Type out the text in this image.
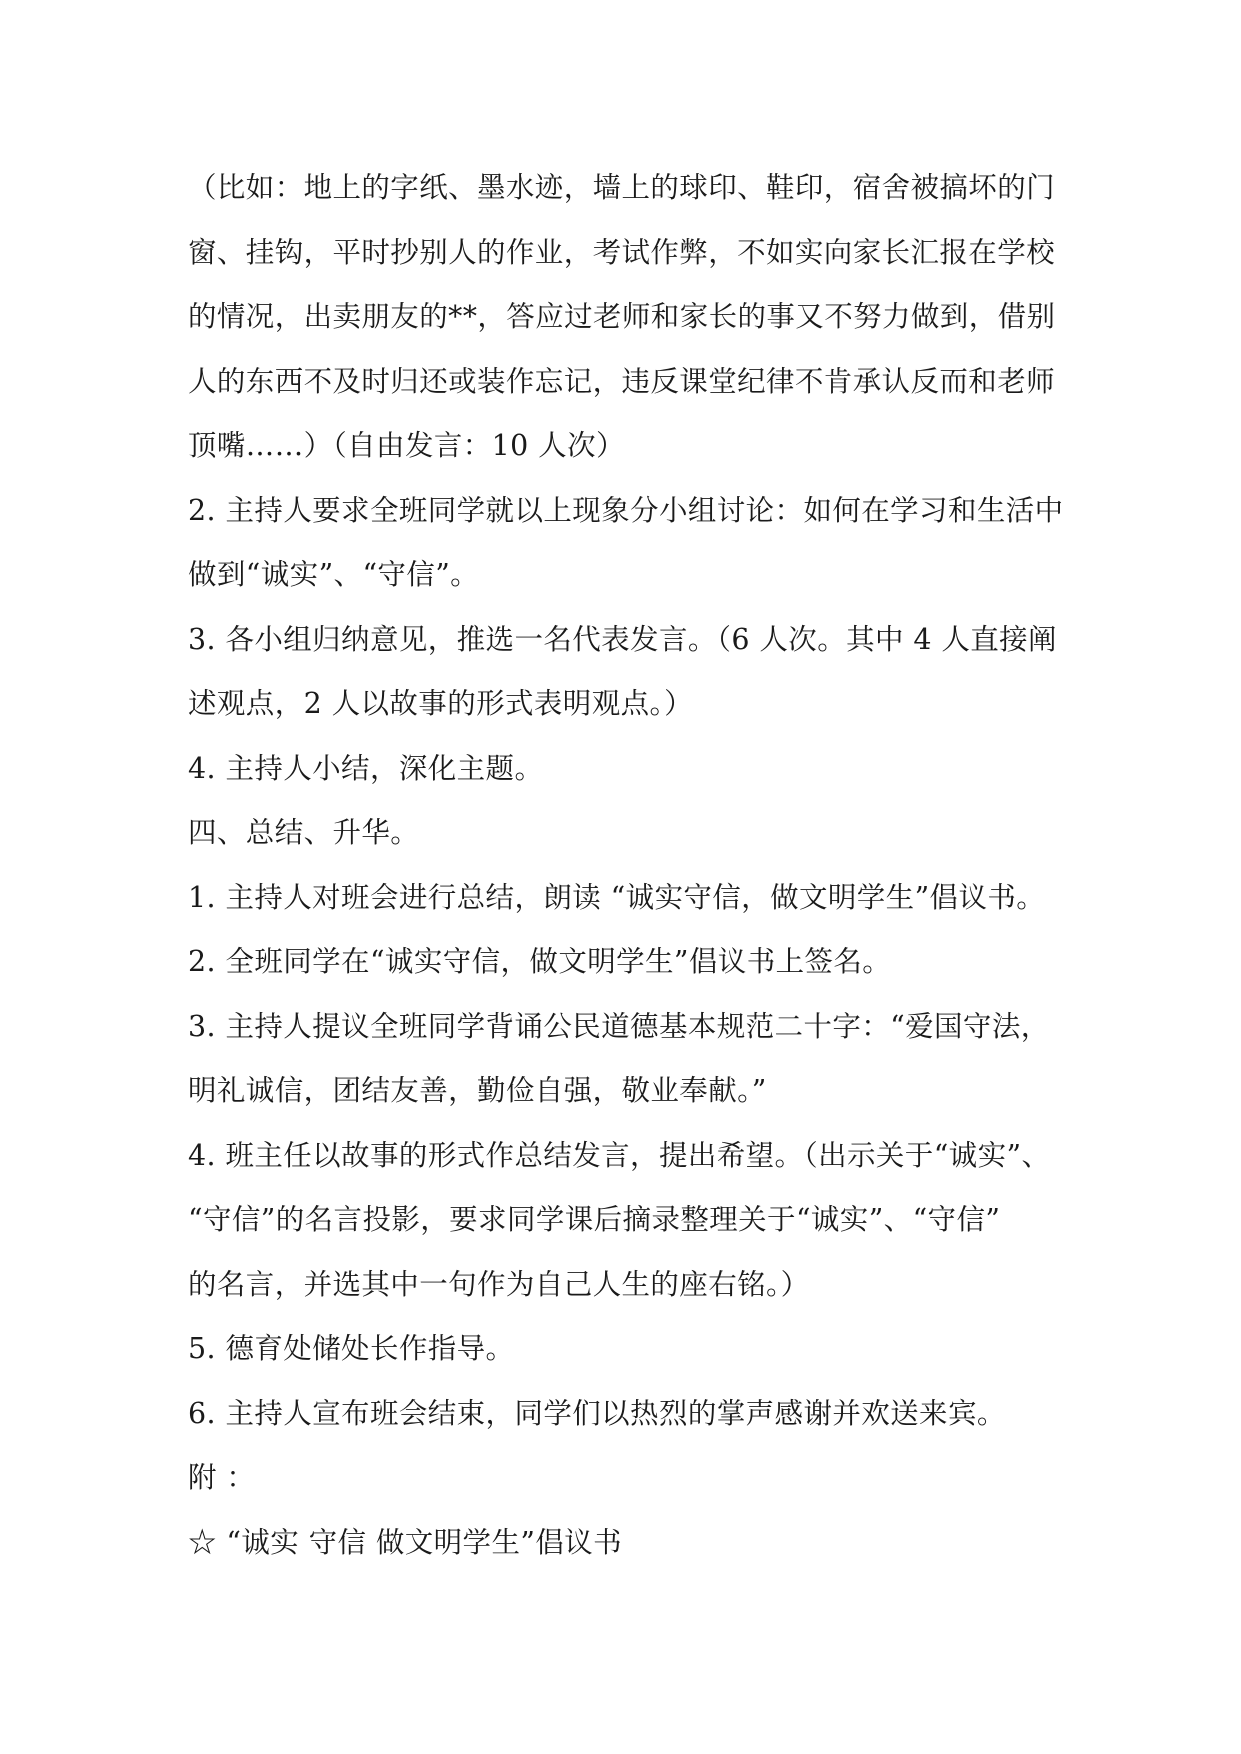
（比如：地上的字纸、墨水迹，墙上的球印、鞋印，宿舍被搞坏的门

窗、挂钩，平时抄别人的作业，考试作弊，不如实向家长汇报在学校

的情况，出卖朋友的**，答应过老师和家长的事又不努力做到，借别

人的东西不及时归还或装作忘记，违反课堂纪律不肯承认反而和老师

顶嘴……）（自由发言：10 人次）

2. 主持人要求全班同学就以上现象分小组讨论：如何在学习和生活中

做到“诚实”、“守信”。

3. 各小组归纳意见，推选一名代表发言。（6 人次。其中 4 人直接阐

述观点，2 人以故事的形式表明观点。）

4. 主持人小结，深化主题。

四、总结、升华。

1. 主持人对班会进行总结，朗读 “诚实守信，做文明学生”倡议书。

2. 全班同学在“诚实守信，做文明学生”倡议书上签名。

3. 主持人提议全班同学背诵公民道德基本规范二十字：“爱国守法，

明礼诚信，团结友善，勤俭自强，敬业奉献。”

4. 班主任以故事的形式作总结发言，提出希望。（出示关于“诚实”、

“守信”的名言投影，要求同学课后摘录整理关于“诚实”、“守信”

的名言，并选其中一句作为自己人生的座右铭。）

5. 德育处储处长作指导。

6. 主持人宣布班会结束，同学们以热烈的掌声感谢并欢送来宾。

附 ：

☆ “诚实 守信 做文明学生”倡议书
